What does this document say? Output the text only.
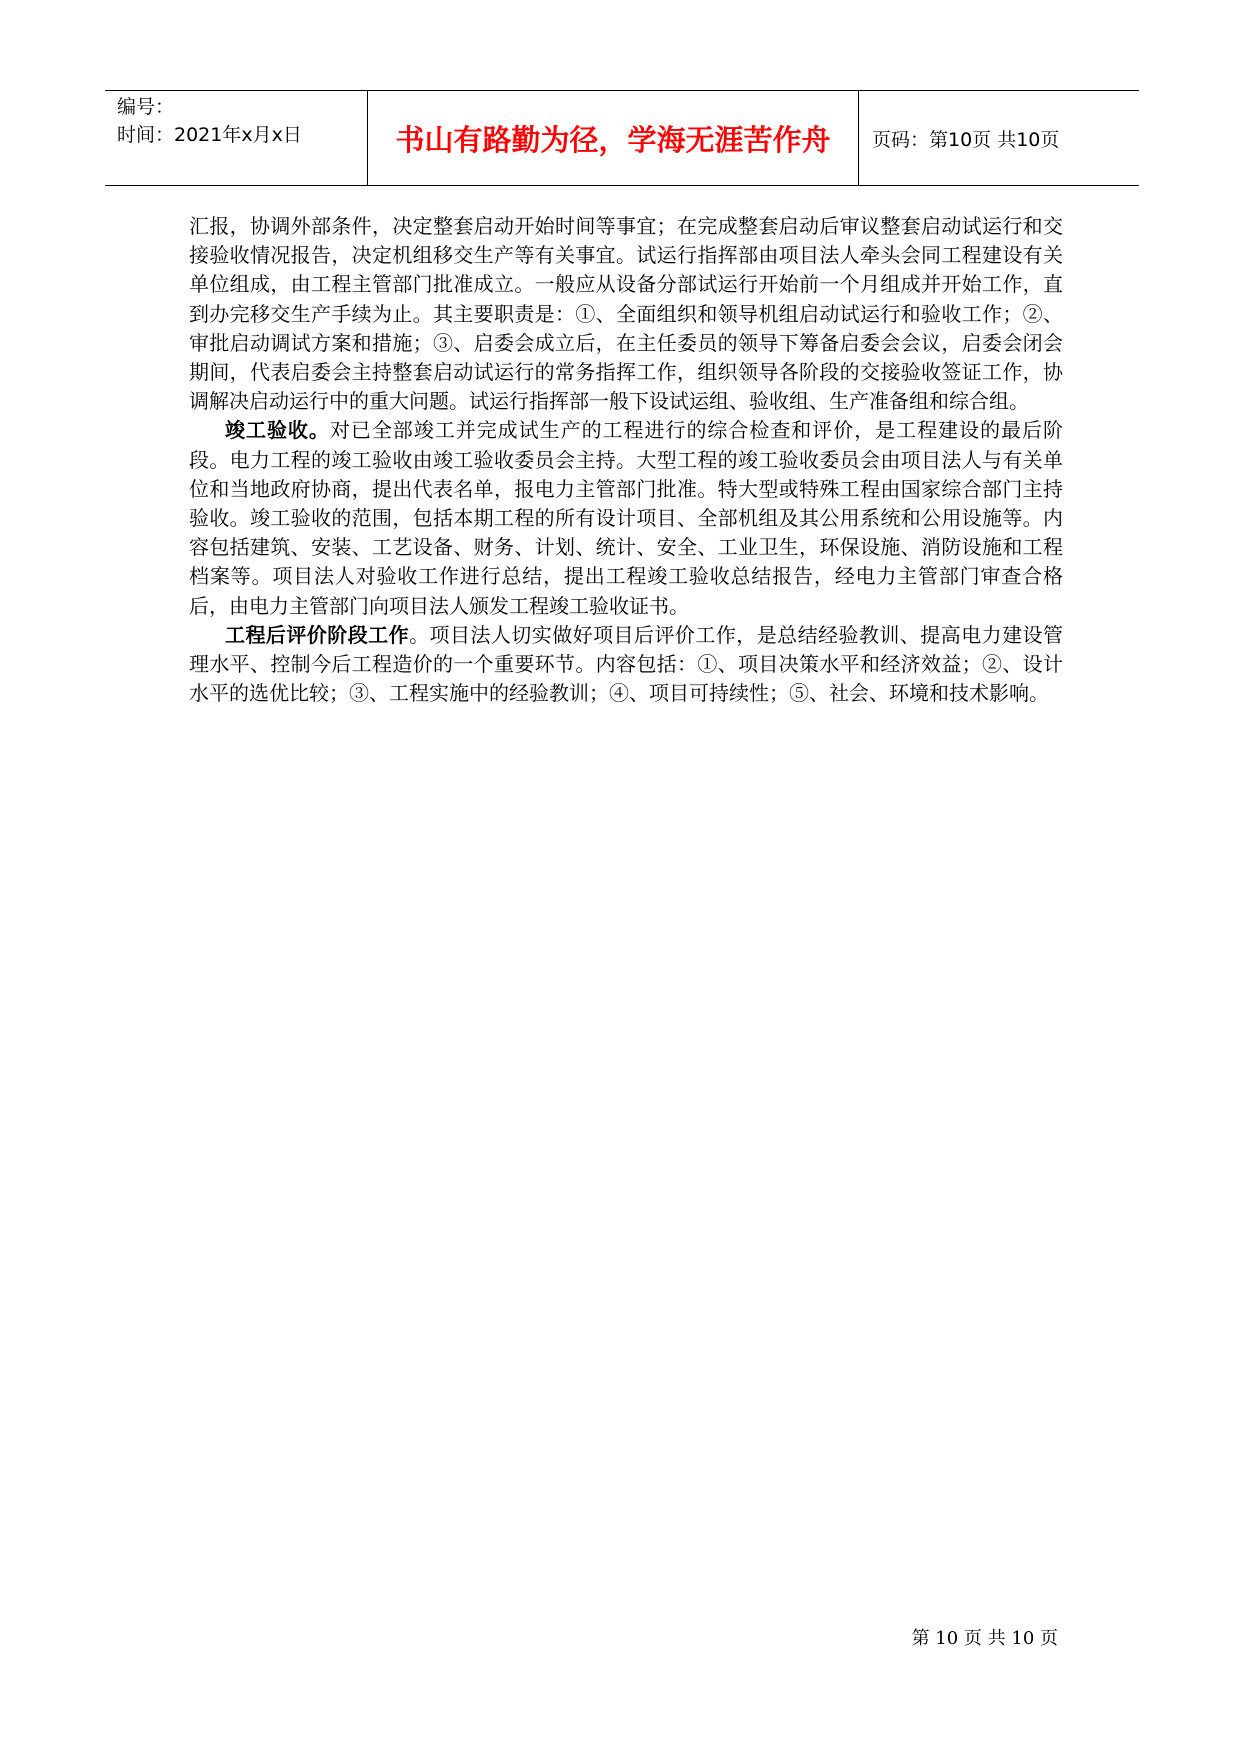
编号：
时间：2021年x月x日	书山有路勤为径，学海无涯苦作舟 页码：第10页 共10页

汇报，协调外部条件，决定整套启动开始时间等事宜；在完成整套启动后审议整套启动试运行和交接验收情况报告，决定机组移交生产等有关事宜。试运行指挥部由项目法人牵头会同工程建设有关单位组成，由工程主管部门批准成立。一般应从设备分部试运行开始前一个月组成并开始工作，直到办完移交生产手续为止。其主要职责是：①、全面组织和领导机组启动试运行和验收工作；②、审批启动调试方案和措施；③、启委会成立后，在主任委员的领导下筹备启委会会议，启委会闭会期间，代表启委会主持整套启动试运行的常务指挥工作，组织领导各阶段的交接验收签证工作，协调解决启动运行中的重大问题。试运行指挥部一般下设试运组、验收组、生产准备组和综合组。

竣工验收。对已全部竣工并完成试生产的工程进行的综合检查和评价，是工程建设的最后阶段。电力工程的竣工验收由竣工验收委员会主持。大型工程的竣工验收委员会由项目法人与有关单位和当地政府协商，提出代表名单，报电力主管部门批准。特大型或特殊工程由国家综合部门主持验收。竣工验收的范围，包括本期工程的所有设计项目、全部机组及其公用系统和公用设施等。内容包括建筑、安装、工艺设备、财务、计划、统计、安全、工业卫生，环保设施、消防设施和工程档案等。项目法人对验收工作进行总结，提出工程竣工验收总结报告，经电力主管部门审查合格后，由电力主管部门向项目法人颁发工程竣工验收证书。

工程后评价阶段工作。项目法人切实做好项目后评价工作，是总结经验教训、提高电力建设管理水平、控制今后工程造价的一个重要环节。内容包括：①、项目决策水平和经济效益；②、设计水平的选优比较；③、工程实施中的经验教训；④、项目可持续性；⑤、社会、环境和技术影响。

第 10 页 共 10 页
